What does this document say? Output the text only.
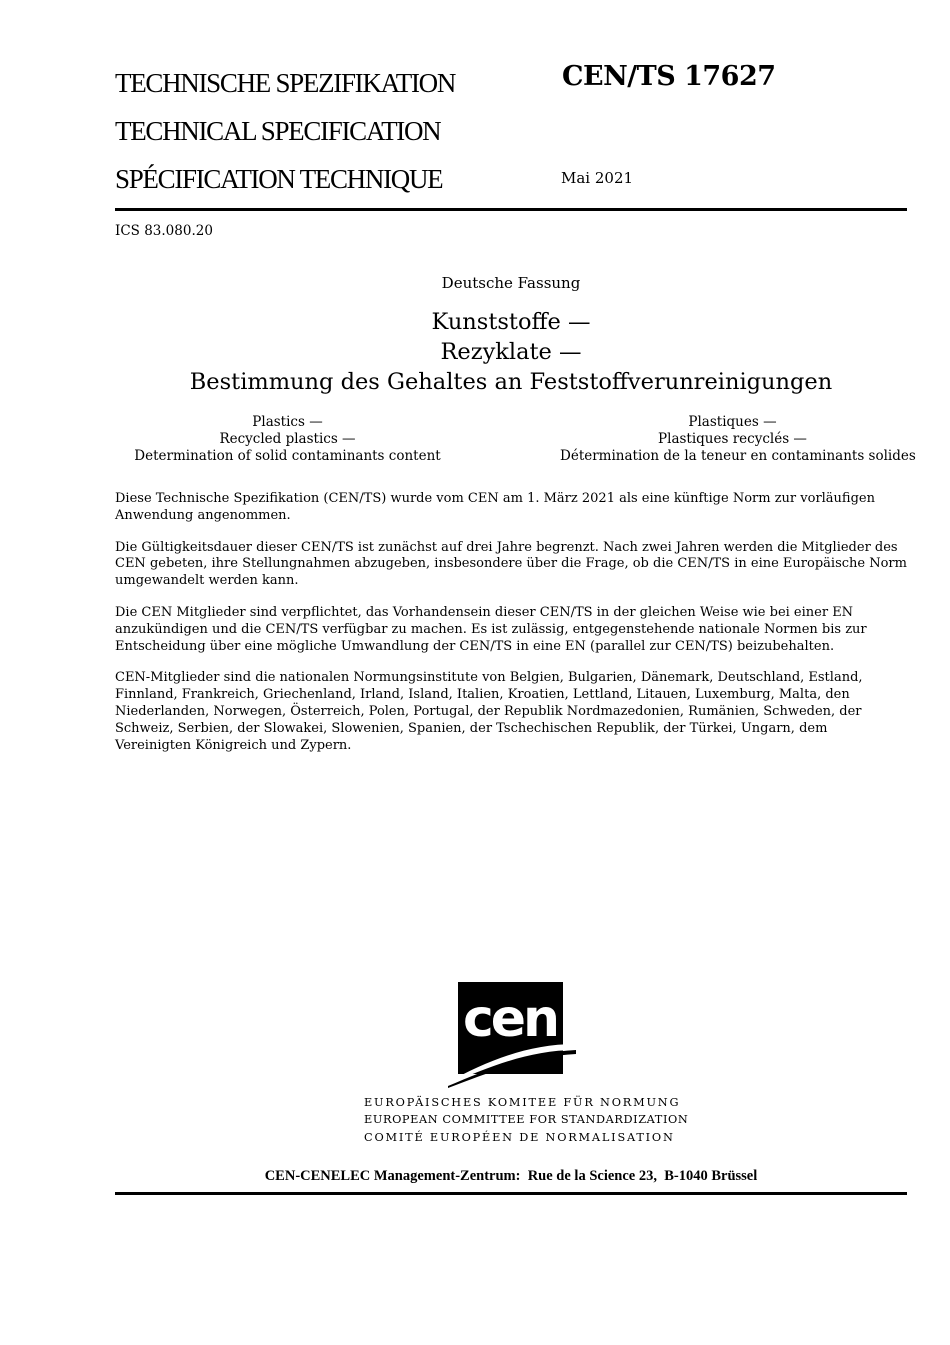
TECHNISCHE SPEZIFIKATION
TECHNICAL SPECIFICATION
SPÉCIFICATION TECHNIQUE
CEN/TS 17627
Mai 2021
ICS 83.080.20
Deutsche Fassung
Kunststoffe —
Rezyklate —
Bestimmung des Gehaltes an Feststoffverunreinigungen
Plastics —
Recycled plastics —
Determination of solid contaminants content
Plastiques —
Plastiques recyclés —
Détermination de la teneur en contaminants solides

Diese Technische Spezifikation (CEN/TS) wurde vom CEN am 1. März 2021 als eine künftige Norm zur vorläufigen Anwendung angenommen.

Die Gültigkeitsdauer dieser CEN/TS ist zunächst auf drei Jahre begrenzt. Nach zwei Jahren werden die Mitglieder des CEN gebeten, ihre Stellungnahmen abzugeben, insbesondere über die Frage, ob die CEN/TS in eine Europäische Norm umgewandelt werden kann.

Die CEN Mitglieder sind verpflichtet, das Vorhandensein dieser CEN/TS in der gleichen Weise wie bei einer EN anzukündigen und die CEN/TS verfügbar zu machen. Es ist zulässig, entgegenstehende nationale Normen bis zur Entscheidung über eine mögliche Umwandlung der CEN/TS in eine EN (parallel zur CEN/TS) beizubehalten.

CEN-Mitglieder sind die nationalen Normungsinstitute von Belgien, Bulgarien, Dänemark, Deutschland, Estland, Finnland, Frankreich, Griechenland, Irland, Island, Italien, Kroatien, Lettland, Litauen, Luxemburg, Malta, den Niederlanden, Norwegen, Österreich, Polen, Portugal, der Republik Nordmazedonien, Rumänien, Schweden, der Schweiz, Serbien, der Slowakei, Slowenien, Spanien, der Tschechischen Republik, der Türkei, Ungarn, dem Vereinigten Königreich und Zypern.

cen
EUROPÄISCHES KOMITEE FÜR NORMUNG
EUROPEAN COMMITTEE FOR STANDARDIZATION
COMITÉ EUROPÉEN DE NORMALISATION
CEN-CENELEC Management-Zentrum:  Rue de la Science 23,  B-1040 Brüssel
